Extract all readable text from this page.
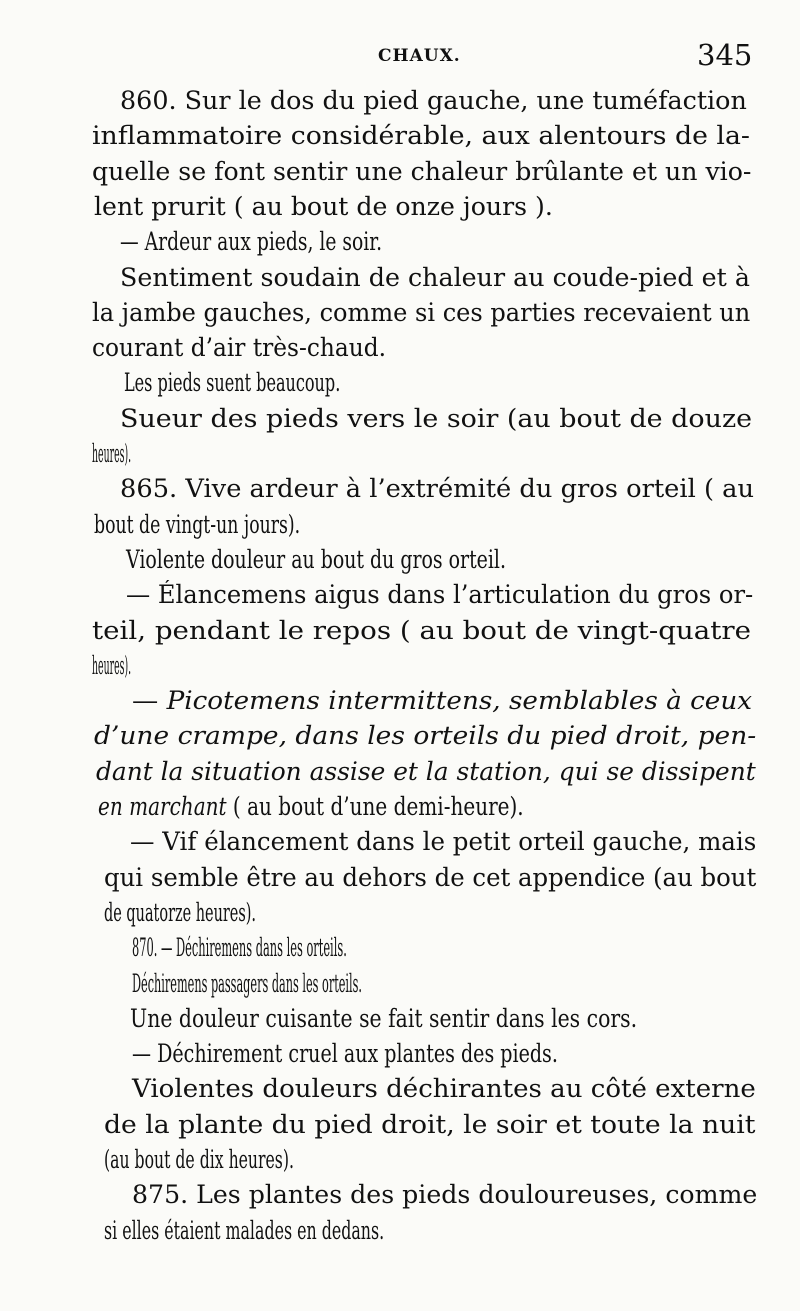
CHAUX.	345
860. Sur le dos du pied gauche, une tuméfaction
inflammatoire considérable, aux alentours de la-
quelle se font sentir une chaleur brûlante et un vio-
lent prurit ( au bout de onze jours ).
— Ardeur aux pieds, le soir.
Sentiment soudain de chaleur au coude-pied et à
la jambe gauches, comme si ces parties recevaient un
courant d’air très-chaud.
Les pieds suent beaucoup.
Sueur des pieds vers le soir (au bout de douze
heures).
865. Vive ardeur à l’extrémité du gros orteil ( au
bout de vingt-un jours).
Violente douleur au bout du gros orteil.
— Élancemens aigus dans l’articulation du gros or-
teil, pendant le repos ( au bout de vingt-quatre
heures).
— Picotemens intermittens, semblables à ceux
d’une crampe, dans les orteils du pied droit, pen-
dant la situation assise et la station, qui se dissipent
en marchant ( au bout d’une demi-heure).
— Vif élancement dans le petit orteil gauche, mais
qui semble être au dehors de cet appendice (au bout
de quatorze heures).
870. — Déchiremens dans les orteils.
Déchiremens passagers dans les orteils.
Une douleur cuisante se fait sentir dans les cors.
— Déchirement cruel aux plantes des pieds.
Violentes douleurs déchirantes au côté externe
de la plante du pied droit, le soir et toute la nuit
(au bout de dix heures).
875. Les plantes des pieds douloureuses, comme
si elles étaient malades en dedans.
